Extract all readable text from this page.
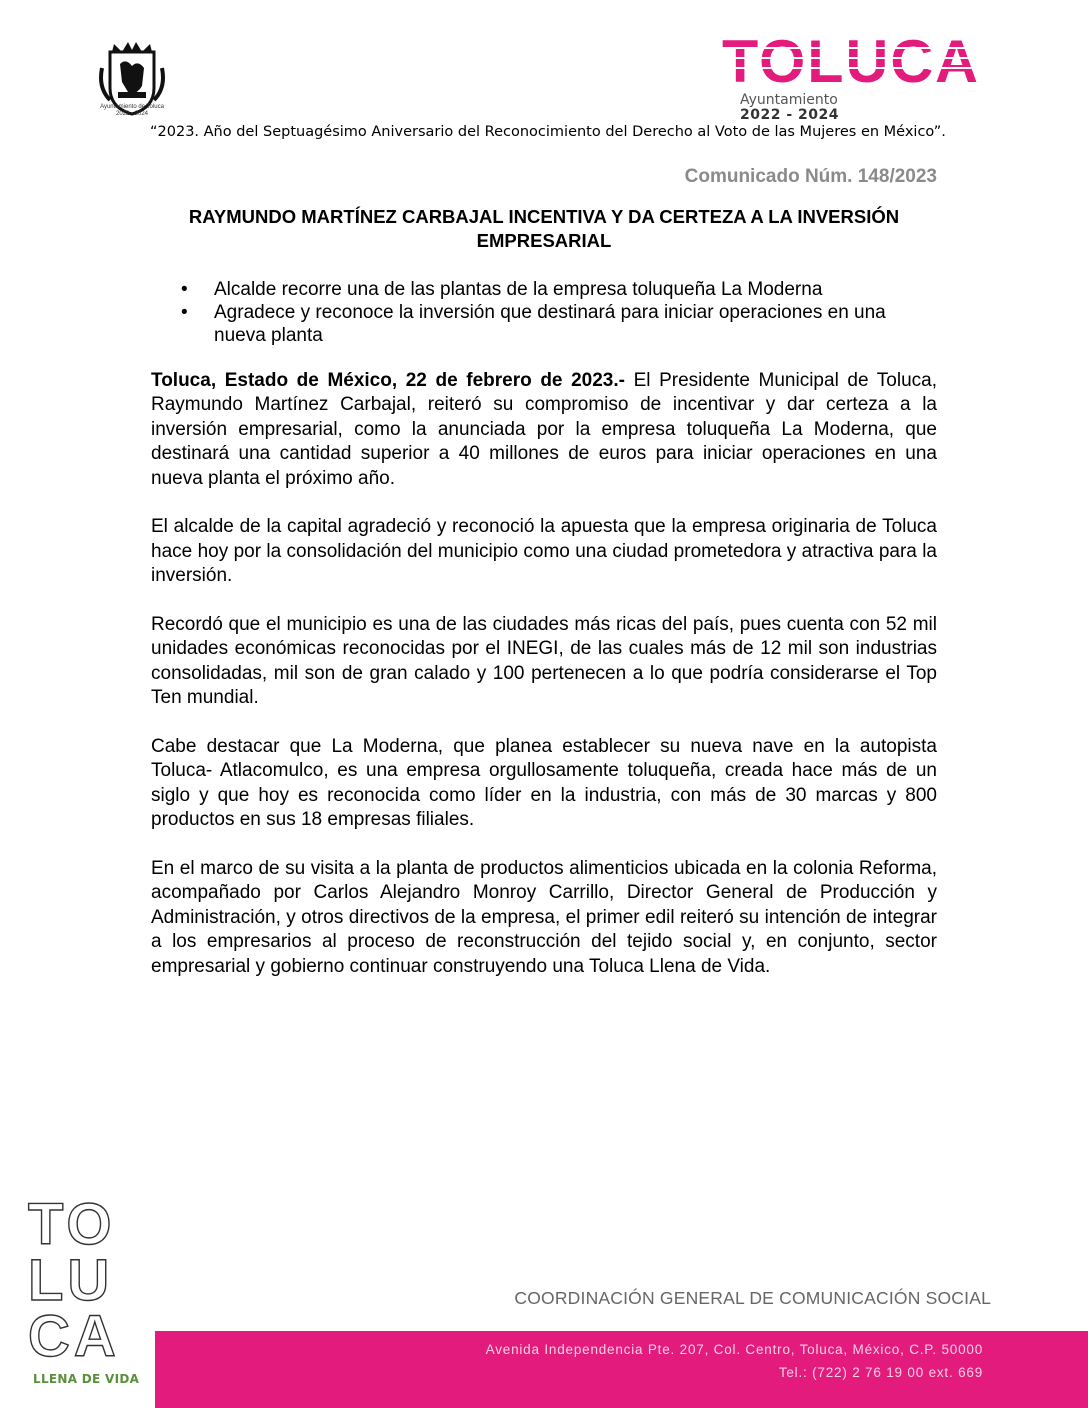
Ayuntamiento de Toluca
2022 - 2024
TOLUCA
Ayuntamiento
2022 - 2024
“2023. Año del Septuagésimo Aniversario del Reconocimiento del Derecho al Voto de las Mujeres en México”.
Comunicado Núm. 148/2023
RAYMUNDO MARTÍNEZ CARBAJAL INCENTIVA Y DA CERTEZA A LA INVERSIÓN EMPRESARIAL
• Alcalde recorre una de las plantas de la empresa toluqueña La Moderna
• Agradece y reconoce la inversión que destinará para iniciar operaciones en una nueva planta

Toluca, Estado de México, 22 de febrero de 2023.- El Presidente Municipal de Toluca, Raymundo Martínez Carbajal, reiteró su compromiso de incentivar y dar certeza a la inversión empresarial, como la anunciada por la empresa toluqueña La Moderna, que destinará una cantidad superior a 40 millones de euros para iniciar operaciones en una nueva planta el próximo año.

El alcalde de la capital agradeció y reconoció la apuesta que la empresa originaria de Toluca hace hoy por la consolidación del municipio como una ciudad prometedora y atractiva para la inversión.

Recordó que el municipio es una de las ciudades más ricas del país, pues cuenta con 52 mil unidades económicas reconocidas por el INEGI, de las cuales más de 12 mil son industrias consolidadas, mil son de gran calado y 100 pertenecen a lo que podría considerarse el Top Ten mundial.

Cabe destacar que La Moderna, que planea establecer su nueva nave en la autopista Toluca- Atlacomulco, es una empresa orgullosamente toluqueña, creada hace más de un siglo y que hoy es reconocida como líder en la industria, con más de 30 marcas y 800 productos en sus 18 empresas filiales.

En el marco de su visita a la planta de productos alimenticios ubicada en la colonia Reforma, acompañado por Carlos Alejandro Monroy Carrillo, Director General de Producción y Administración, y otros directivos de la empresa, el primer edil reiteró su intención de integrar a los empresarios al proceso de reconstrucción del tejido social y, en conjunto, sector empresarial y gobierno continuar construyendo una Toluca Llena de Vida.

TO
LU
CA
LLENA DE VIDA
COORDINACIÓN GENERAL DE COMUNICACIÓN SOCIAL
Avenida Independencia Pte. 207, Col. Centro, Toluca, México, C.P. 50000
Tel.: (722) 2 76 19 00 ext. 669
